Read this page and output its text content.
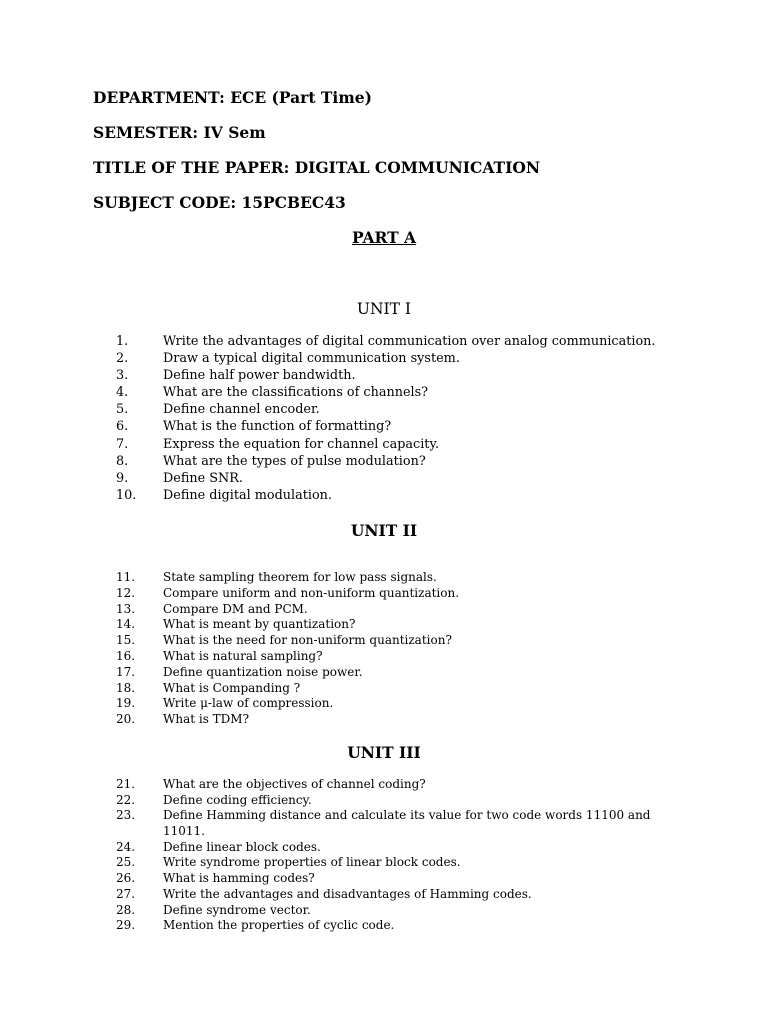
DEPARTMENT: ECE (Part Time)
SEMESTER: IV Sem
TITLE OF THE PAPER: DIGITAL COMMUNICATION
SUBJECT CODE: 15PCBEC43
PART A
UNIT I
1.	Write the advantages of digital communication over analog communication.
2.	Draw a typical digital communication system.
3.	Define half power bandwidth.
4.	What are the classifications of channels?
5.	Define channel encoder.
6.	What is the function of formatting?
7.	Express the equation for channel capacity.
8.	What are the types of pulse modulation?
9.	Define SNR.
10. Define digital modulation.
UNIT II
11. State sampling theorem for low pass signals.
12. Compare uniform and non-uniform quantization.
13. Compare DM and PCM.
14. What is meant by quantization?
15. What is the need for non-uniform quantization?
16. What is natural sampling?
17. Define quantization noise power.
18. What is Companding ?
19. Write μ-law of compression.
20. What is TDM?
UNIT III
21. What are the objectives of channel coding?
22. Define coding efficiency.
23. Define Hamming distance and calculate its value for two code words 11100 and 11011.
24. Define linear block codes.
25. Write syndrome properties of linear block codes.
26. What is hamming codes?
27. Write the advantages and disadvantages of Hamming codes.
28. Define syndrome vector.
29. Mention the properties of cyclic code.
